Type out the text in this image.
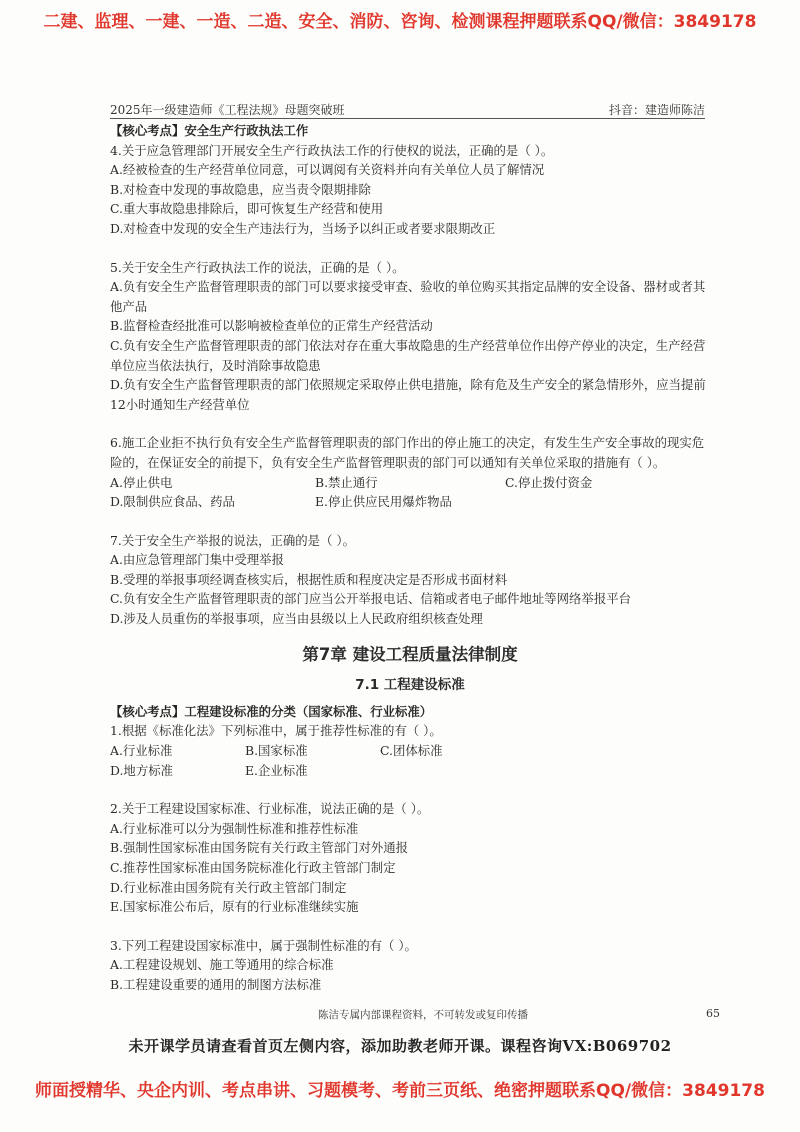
二建、监理、一建、一造、二造、安全、消防、咨询、检测课程押题联系QQ/微信：3849178
2025年一级建造师《工程法规》母题突破班	抖音：建造师陈洁

【核心考点】安全生产行政执法工作

4.关于应急管理部门开展安全生产行政执法工作的行使权的说法，正确的是（ ）。

A.经被检查的生产经营单位同意，可以调阅有关资料并向有关单位人员了解情况

B.对检查中发现的事故隐患，应当责令限期排除

C.重大事故隐患排除后，即可恢复生产经营和使用

D.对检查中发现的安全生产违法行为，当场予以纠正或者要求限期改正

5.关于安全生产行政执法工作的说法，正确的是（ ）。

A.负有安全生产监督管理职责的部门可以要求接受审查、验收的单位购买其指定品牌的安全设备、器材或者其他产品

B.监督检查经批准可以影响被检查单位的正常生产经营活动

C.负有安全生产监督管理职责的部门依法对存在重大事故隐患的生产经营单位作出停产停业的决定，生产经营单位应当依法执行，及时消除事故隐患

D.负有安全生产监督管理职责的部门依照规定采取停止供电措施，除有危及生产安全的紧急情形外，应当提前12小时通知生产经营单位

6.施工企业拒不执行负有安全生产监督管理职责的部门作出的停止施工的决定，有发生生产安全事故的现实危险的，在保证安全的前提下，负有安全生产监督管理职责的部门可以通知有关单位采取的措施有（ ）。

A.停止供电	B.禁止通行	C.停止拨付资金
D.限制供应食品、药品	E.停止供应民用爆炸物品

7.关于安全生产举报的说法，正确的是（ ）。

A.由应急管理部门集中受理举报

B.受理的举报事项经调查核实后，根据性质和程度决定是否形成书面材料

C.负有安全生产监督管理职责的部门应当公开举报电话、信箱或者电子邮件地址等网络举报平台

D.涉及人员重伤的举报事项，应当由县级以上人民政府组织核查处理

第7章 建设工程质量法律制度
7.1 工程建设标准

【核心考点】工程建设标准的分类（国家标准、行业标准）

1.根据《标准化法》下列标准中，属于推荐性标准的有（ ）。

A.行业标准	B.国家标准	C.团体标准
D.地方标准	E.企业标准

2.关于工程建设国家标准、行业标准，说法正确的是（ ）。

A.行业标准可以分为强制性标准和推荐性标准

B.强制性国家标准由国务院有关行政主管部门对外通报

C.推荐性国家标准由国务院标准化行政主管部门制定

D.行业标准由国务院有关行政主管部门制定

E.国家标准公布后，原有的行业标准继续实施

3.下列工程建设国家标准中，属于强制性标准的有（ ）。

A.工程建设规划、施工等通用的综合标准

B.工程建设重要的通用的制图方法标准

陈洁专属内部课程资料，不可转发或复印传播	65
未开课学员请查看首页左侧内容，添加助教老师开课。课程咨询VX:B069702
师面授精华、央企内训、考点串讲、习题模考、考前三页纸、绝密押题联系QQ/微信：3849178
